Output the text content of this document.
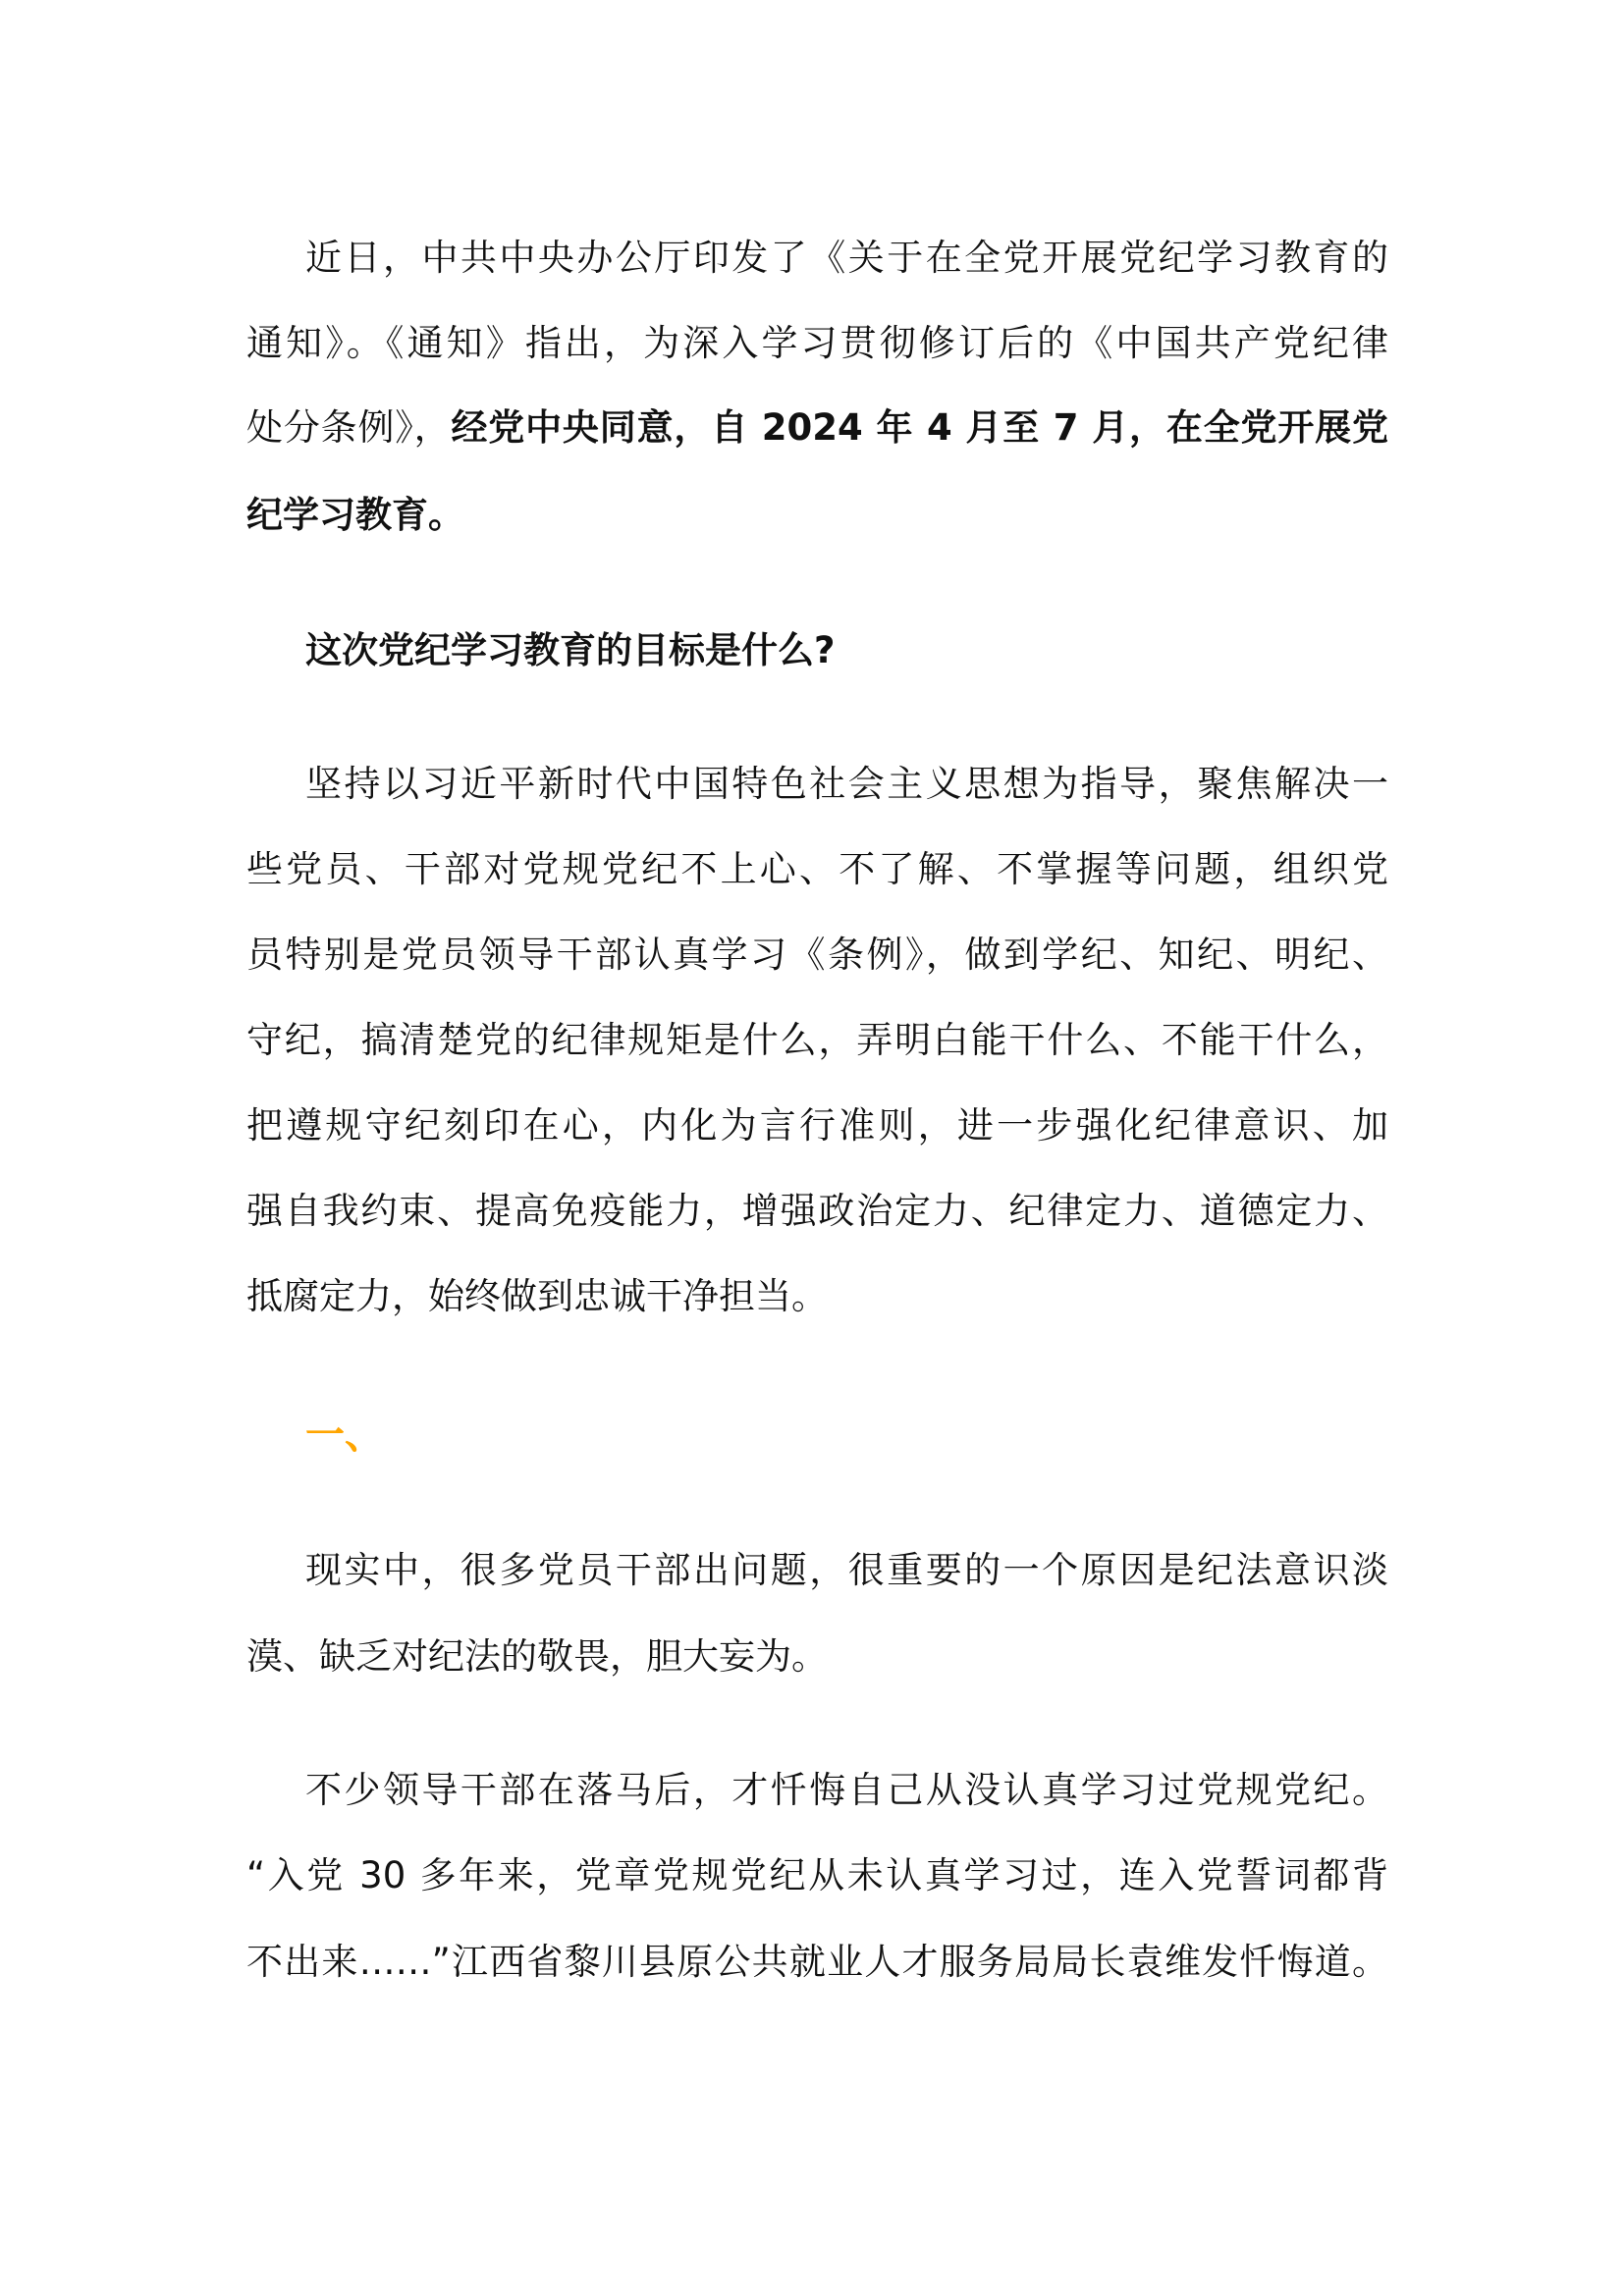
近日，中共中央办公厅印发了《关于在全党开展党纪学习教育的
通知》。《通知》指出，为深入学习贯彻修订后的《中国共产党纪律
处分条例》，经党中央同意，自 2024 年 4 月至 7 月，在全党开展党
纪学习教育。
这次党纪学习教育的目标是什么?
坚持以习近平新时代中国特色社会主义思想为指导，聚焦解决一
些党员、干部对党规党纪不上心、不了解、不掌握等问题，组织党
员特别是党员领导干部认真学习《条例》，做到学纪、知纪、明纪、
守纪，搞清楚党的纪律规矩是什么，弄明白能干什么、不能干什么，
把遵规守纪刻印在心，内化为言行准则，进一步强化纪律意识、加
强自我约束、提高免疫能力，增强政治定力、纪律定力、道德定力、
抵腐定力，始终做到忠诚干净担当。
一、
现实中，很多党员干部出问题，很重要的一个原因是纪法意识淡
漠、缺乏对纪法的敬畏，胆大妄为。
不少领导干部在落马后，才忏悔自己从没认真学习过党规党纪。
“入党 30 多年来，党章党规党纪从未认真学习过，连入党誓词都背
不出来……”江西省黎川县原公共就业人才服务局局长袁维发忏悔道。
